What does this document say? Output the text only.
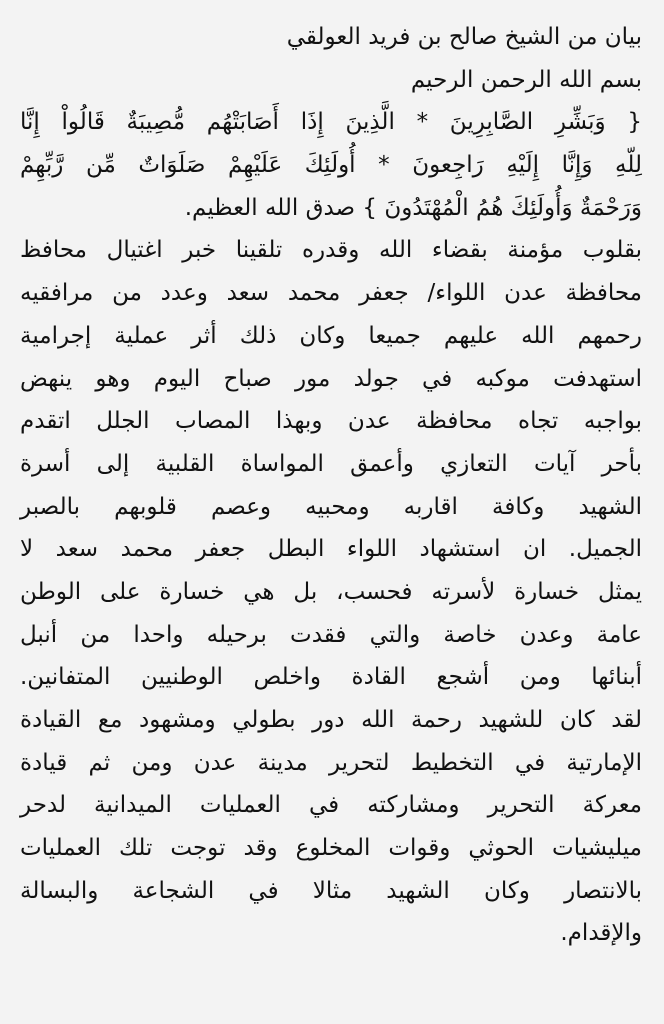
بيان من الشيخ صالح بن فريد العولقي
بسم الله الرحمن الرحيم
{ وَبَشِّرِ الصَّابِرِينَ * الَّذِينَ إِذَا أَصَابَتْهُم مُّصِيبَةٌ قَالُواْ إِنَّا
لِلّهِ وَإِنَّا إِلَيْهِ رَاجِعونَ * أُولَئِكَ عَلَيْهِمْ صَلَوَاتٌ مِّن رَّبِّهِمْ
وَرَحْمَةٌ وَأُولَئِكَ هُمُ الْمُهْتَدُونَ } صدق الله العظيم.
بقلوب مؤمنة بقضاء الله وقدره تلقينا خبر اغتيال محافظ
محافظة عدن اللواء/ جعفر محمد سعد وعدد من مرافقيه
رحمهم الله عليهم جميعا وكان ذلك أثر عملية إجرامية
استهدفت موكبه في جولد مور صباح اليوم وهو ينهض
بواجبه تجاه محافظة عدن وبهذا المصاب الجلل اتقدم
بأحر آيات التعازي وأعمق المواساة القلبية إلى أسرة
الشهيد وكافة اقاربه ومحبيه وعصم قلوبهم بالصبر
الجميل. ان استشهاد اللواء البطل جعفر محمد سعد لا
يمثل خسارة لأسرته فحسب، بل هي خسارة على الوطن
عامة وعدن خاصة والتي فقدت برحيله واحدا من أنبل
أبنائها ومن أشجع القادة واخلص الوطنيين المتفانين.
لقد كان للشهيد رحمة الله دور بطولي ومشهود مع القيادة
الإمارتية في التخطيط لتحرير مدينة عدن ومن ثم قيادة
معركة التحرير ومشاركته في العمليات الميدانية لدحر
ميليشيات الحوثي وقوات المخلوع وقد توجت تلك العمليات
بالانتصار وكان الشهيد مثالا في الشجاعة والبسالة
والإقدام.
